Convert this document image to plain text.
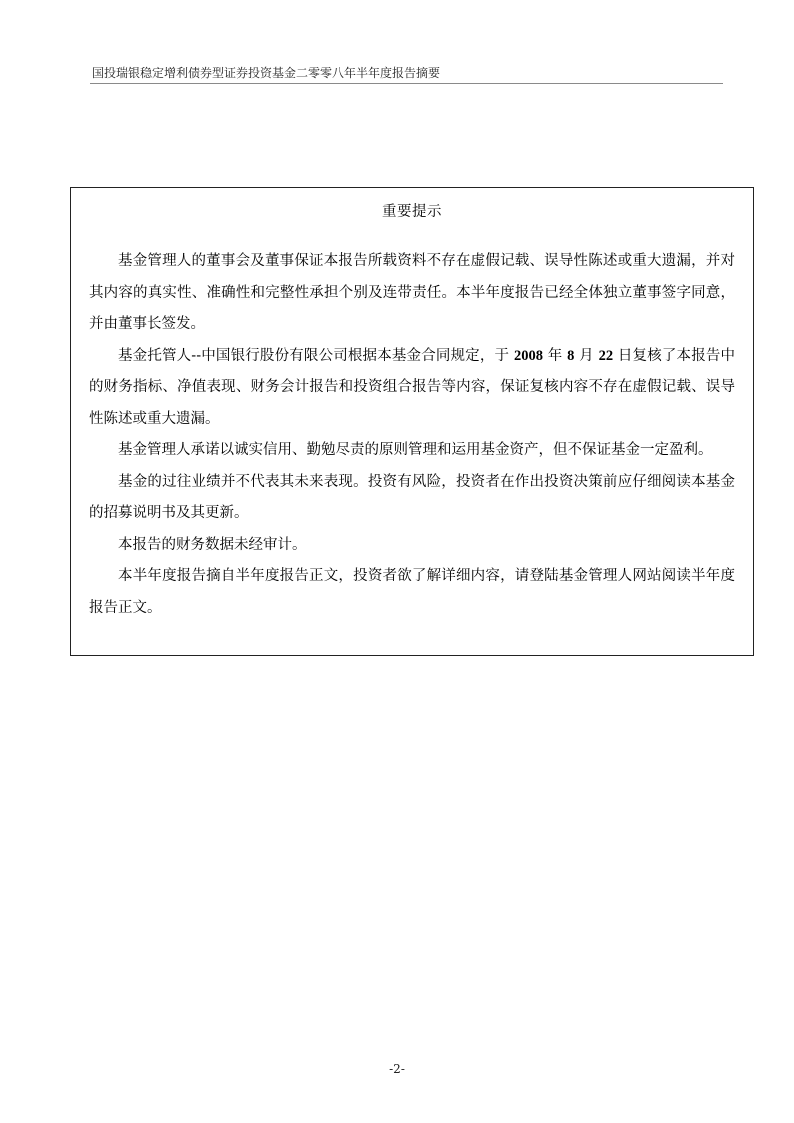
国投瑞银稳定增利债券型证券投资基金二零零八年半年度报告摘要
重要提示

基金管理人的董事会及董事保证本报告所载资料不存在虚假记载、误导性陈述或重大遗漏，并对其内容的真实性、准确性和完整性承担个别及连带责任。本半年度报告已经全体独立董事签字同意，并由董事长签发。

基金托管人--中国银行股份有限公司根据本基金合同规定，于 2008 年 8 月 22 日复核了本报告中的财务指标、净值表现、财务会计报告和投资组合报告等内容，保证复核内容不存在虚假记载、误导性陈述或重大遗漏。

基金管理人承诺以诚实信用、勤勉尽责的原则管理和运用基金资产，但不保证基金一定盈利。

基金的过往业绩并不代表其未来表现。投资有风险，投资者在作出投资决策前应仔细阅读本基金的招募说明书及其更新。

本报告的财务数据未经审计。

本半年度报告摘自半年度报告正文，投资者欲了解详细内容，请登陆基金管理人网站阅读半年度报告正文。

-2-
